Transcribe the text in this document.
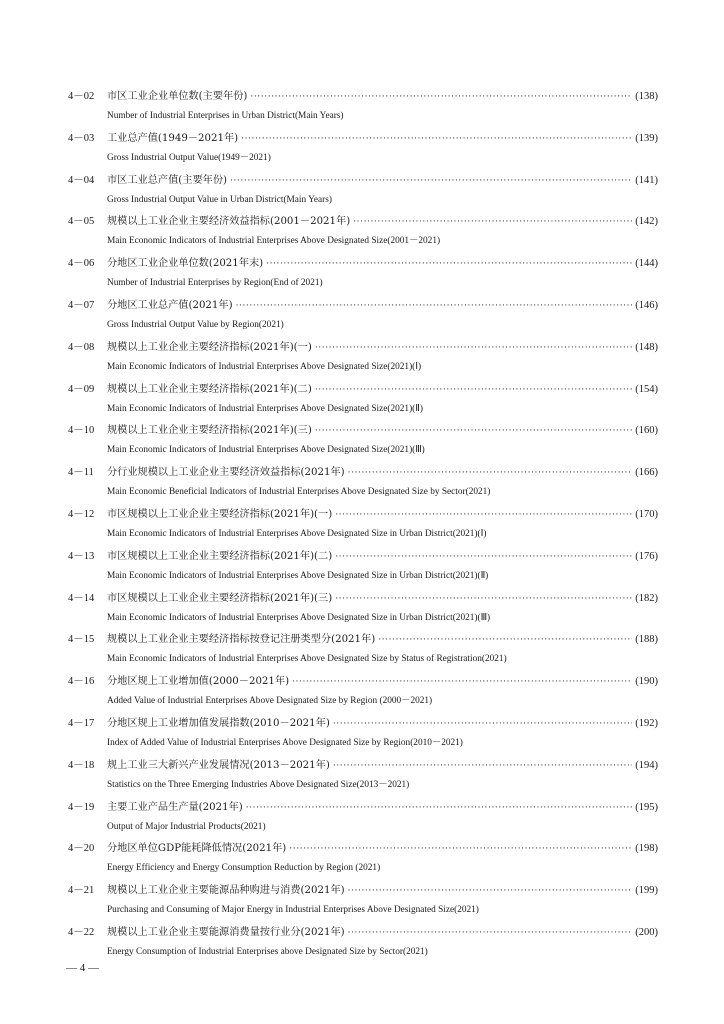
4－02	市区工业企业单位数(主要年份) ·····	(138)
Number of Industrial Enterprises in Urban District(Main Years)
4－03	工业总产值(1949－2021年) ·····	(139)
Gross Industrial Output Value(1949－2021)
4－04	市区工业总产值(主要年份) ·····	(141)
Gross Industrial Output Value in Urban District(Main Years)
4－05	规模以上工业企业主要经济效益指标(2001－2021年) ·····	(142)
Main Economic Indicators of Industrial Enterprises Above Designated Size(2001－2021)
4－06	分地区工业企业单位数(2021年末) ·····	(144)
Number of Industrial Enterprises by Region(End of 2021)
4－07	分地区工业总产值(2021年) ·····	(146)
Gross Industrial Output Value by Region(2021)
4－08	规模以上工业企业主要经济指标(2021年)(一) ·····	(148)
Main Economic Indicators of Industrial Enterprises Above Designated Size(2021)(Ⅰ)
4－09	规模以上工业企业主要经济指标(2021年)(二) ·····	(154)
Main Economic Indicators of Industrial Enterprises Above Designated Size(2021)(Ⅱ)
4－10	规模以上工业企业主要经济指标(2021年)(三) ·····	(160)
Main Economic Indicators of Industrial Enterprises Above Designated Size(2021)(Ⅲ)
4－11	分行业规模以上工业企业主要经济效益指标(2021年) ·····	(166)
Main Economic Beneficial Indicators of Industrial Enterprises Above Designated Size by Sector(2021)
4－12	市区规模以上工业企业主要经济指标(2021年)(一) ·····	(170)
Main Economic Indicators of Industrial Enterprises Above Designated Size in Urban District(2021)(Ⅰ)
4－13	市区规模以上工业企业主要经济指标(2021年)(二) ·····	(176)
Main Economic Indicators of Industrial Enterprises Above Designated Size in Urban District(2021)(Ⅱ)
4－14	市区规模以上工业企业主要经济指标(2021年)(三) ·····	(182)
Main Economic Indicators of Industrial Enterprises Above Designated Size in Urban District(2021)(Ⅲ)
4－15	规模以上工业企业主要经济指标按登记注册类型分(2021年) ·····	(188)
Main Economic Indicators of Industrial Enterprises Above Designated Size by Status of Registration(2021)
4－16	分地区规上工业增加值(2000－2021年) ·····	(190)
Added Value of Industrial Enterprises Above Designated Size by Region (2000－2021)
4－17	分地区规上工业增加值发展指数(2010－2021年) ·····	(192)
Index of Added Value of Industrial Enterprises Above Designated Size by Region(2010－2021)
4－18	规上工业三大新兴产业发展情况(2013－2021年) ·····	(194)
Statistics on the Three Emerging Industries Above Designated Size(2013－2021)
4－19	主要工业产品生产量(2021年) ·····	(195)
Output of Major Industrial Products(2021)
4－20	分地区单位GDP能耗降低情况(2021年) ·····	(198)
Energy Efficiency and Energy Consumption Reduction by Region (2021)
4－21	规模以上工业企业主要能源品种购进与消费(2021年) ·····	(199)
Purchasing and Consuming of Major Energy in Industrial Enterprises Above Designated Size(2021)
4－22	规模以上工业企业主要能源消费量按行业分(2021年) ·····	(200)
Energy Consumption of Industrial Enterprises above Designated Size by Sector(2021)
— 4 —
